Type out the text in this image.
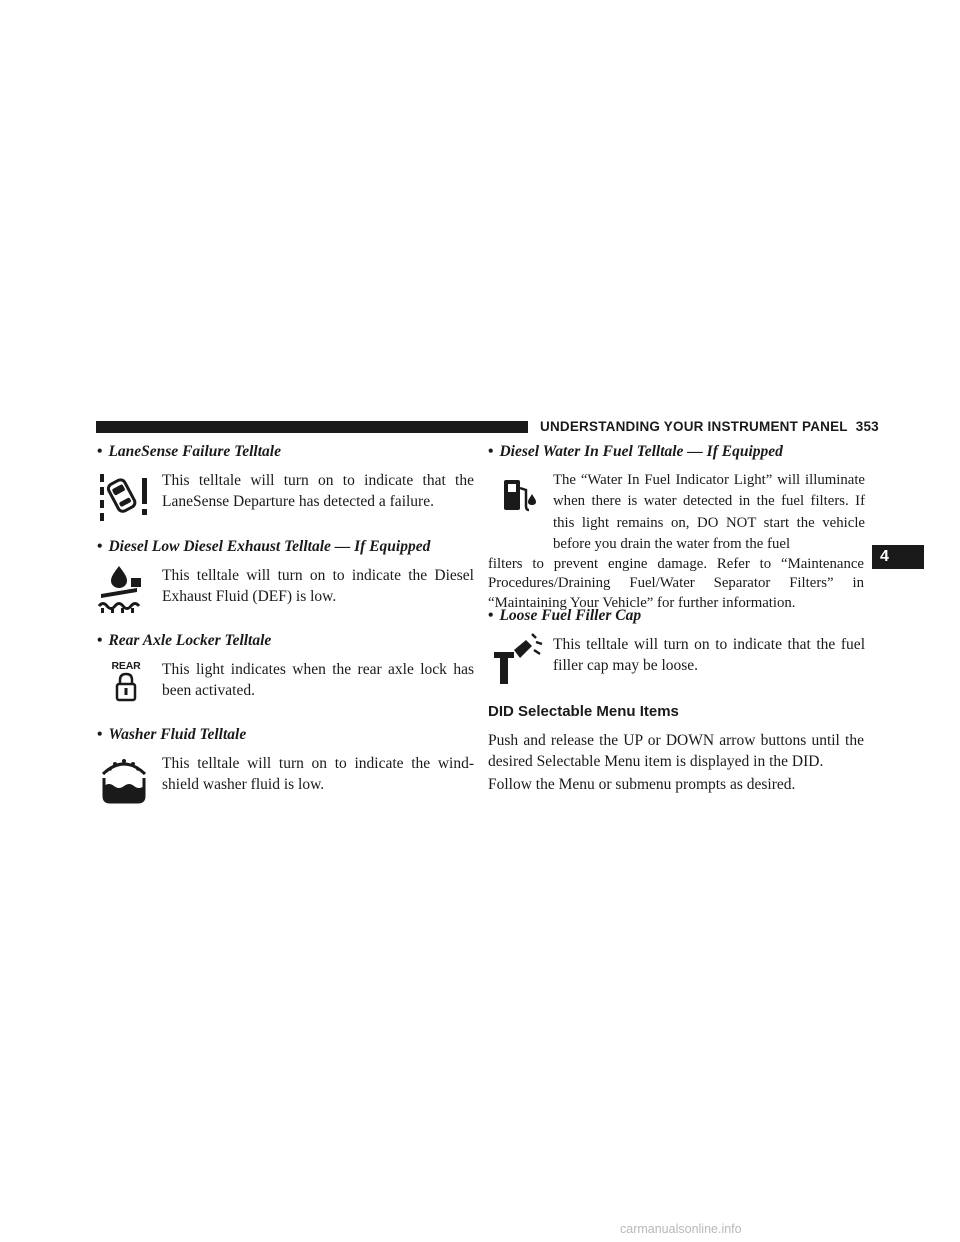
UNDERSTANDING YOUR INSTRUMENT PANEL 353
4
• LaneSense Failure Telltale
This telltale will turn on to indicate that the LaneSense Departure has detected a failure.
• Diesel Low Diesel Exhaust Telltale — If Equipped
This telltale will turn on to indicate the Diesel Exhaust Fluid (DEF) is low.
• Rear Axle Locker Telltale
REAR This light indicates when the rear axle lock has been activated.
• Washer Fluid Telltale
This telltale will turn on to indicate the wind-shield washer fluid is low.
• Diesel Water In Fuel Telltale — If Equipped
The “Water In Fuel Indicator Light” will illuminate when there is water detected in the fuel filters. If this light remains on, DO NOT start the vehicle before you drain the water from the fuel
filters to prevent engine damage. Refer to “Maintenance Procedures/Draining Fuel/Water Separator Filters” in “Maintaining Your Vehicle” for further information.
• Loose Fuel Filler Cap
This telltale will turn on to indicate that the fuel filler cap may be loose.
DID Selectable Menu Items
Push and release the UP or DOWN arrow buttons until the desired Selectable Menu item is displayed in the DID.
Follow the Menu or submenu prompts as desired.
carmanualsonline.info
